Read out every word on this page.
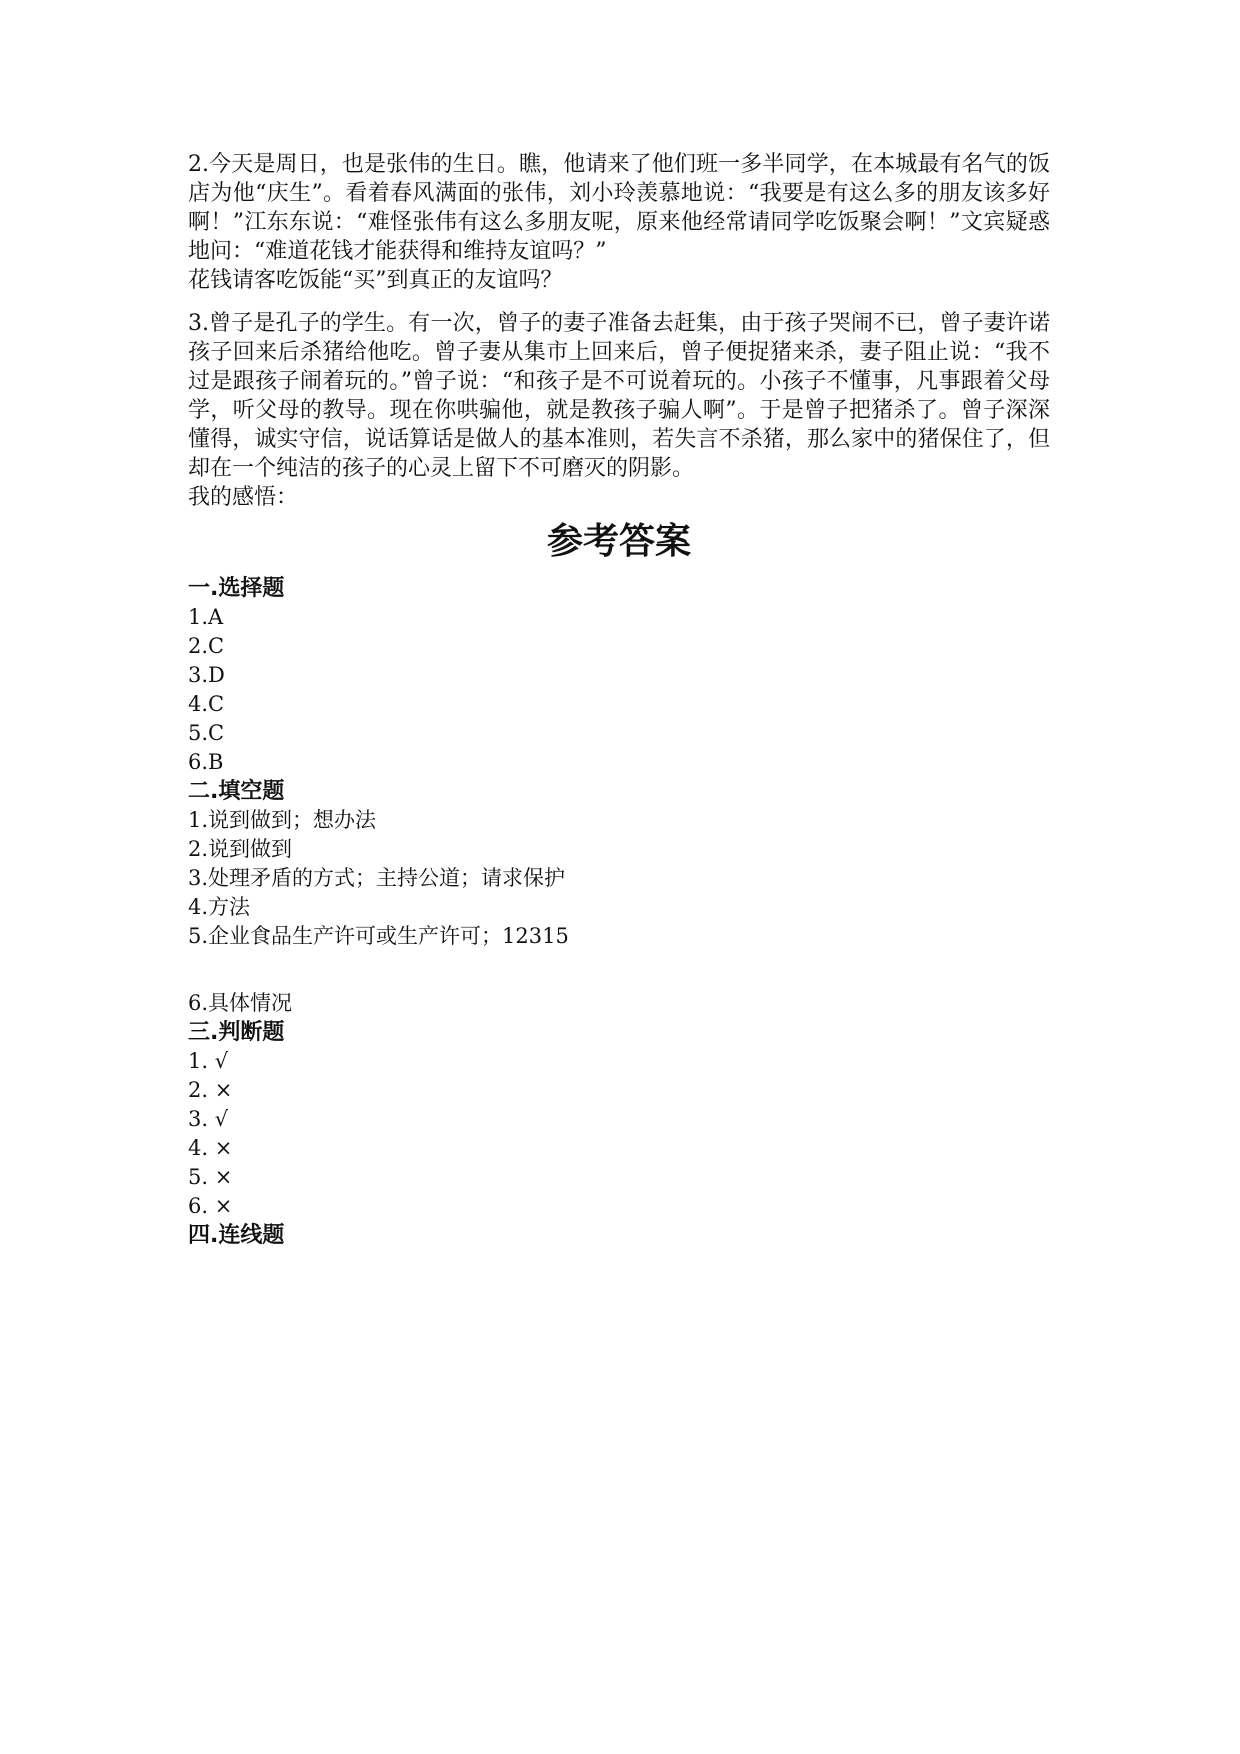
2.今天是周日，也是张伟的生日。瞧，他请来了他们班一多半同学，在本城最有名气的饭店为他“庆生”。看着春风满面的张伟，刘小玲羡慕地说：“我要是有这么多的朋友该多好啊！”江东东说：“难怪张伟有这么多朋友呢，原来他经常请同学吃饭聚会啊！”文宾疑惑地问：“难道花钱才能获得和维持友谊吗？”

花钱请客吃饭能“买”到真正的友谊吗？

3.曾子是孔子的学生。有一次，曾子的妻子准备去赶集，由于孩子哭闹不已，曾子妻许诺孩子回来后杀猪给他吃。曾子妻从集市上回来后，曾子便捉猪来杀，妻子阻止说：“我不过是跟孩子闹着玩的。”曾子说：“和孩子是不可说着玩的。小孩子不懂事，凡事跟着父母学，听父母的教导。现在你哄骗他，就是教孩子骗人啊”。于是曾子把猪杀了。曾子深深懂得，诚实守信，说话算话是做人的基本准则，若失言不杀猪，那么家中的猪保住了，但却在一个纯洁的孩子的心灵上留下不可磨灭的阴影。

我的感悟：

参考答案
一.选择题
1.A
2.C
3.D
4.C
5.C
6.B
二.填空题
1.说到做到；想办法
2.说到做到
3.处理矛盾的方式；主持公道；请求保护
4.方法
5.企业食品生产许可或生产许可；12315
6.具体情况
三.判断题
1. √
2. ×
3. √
4. ×
5. ×
6. ×
四.连线题
